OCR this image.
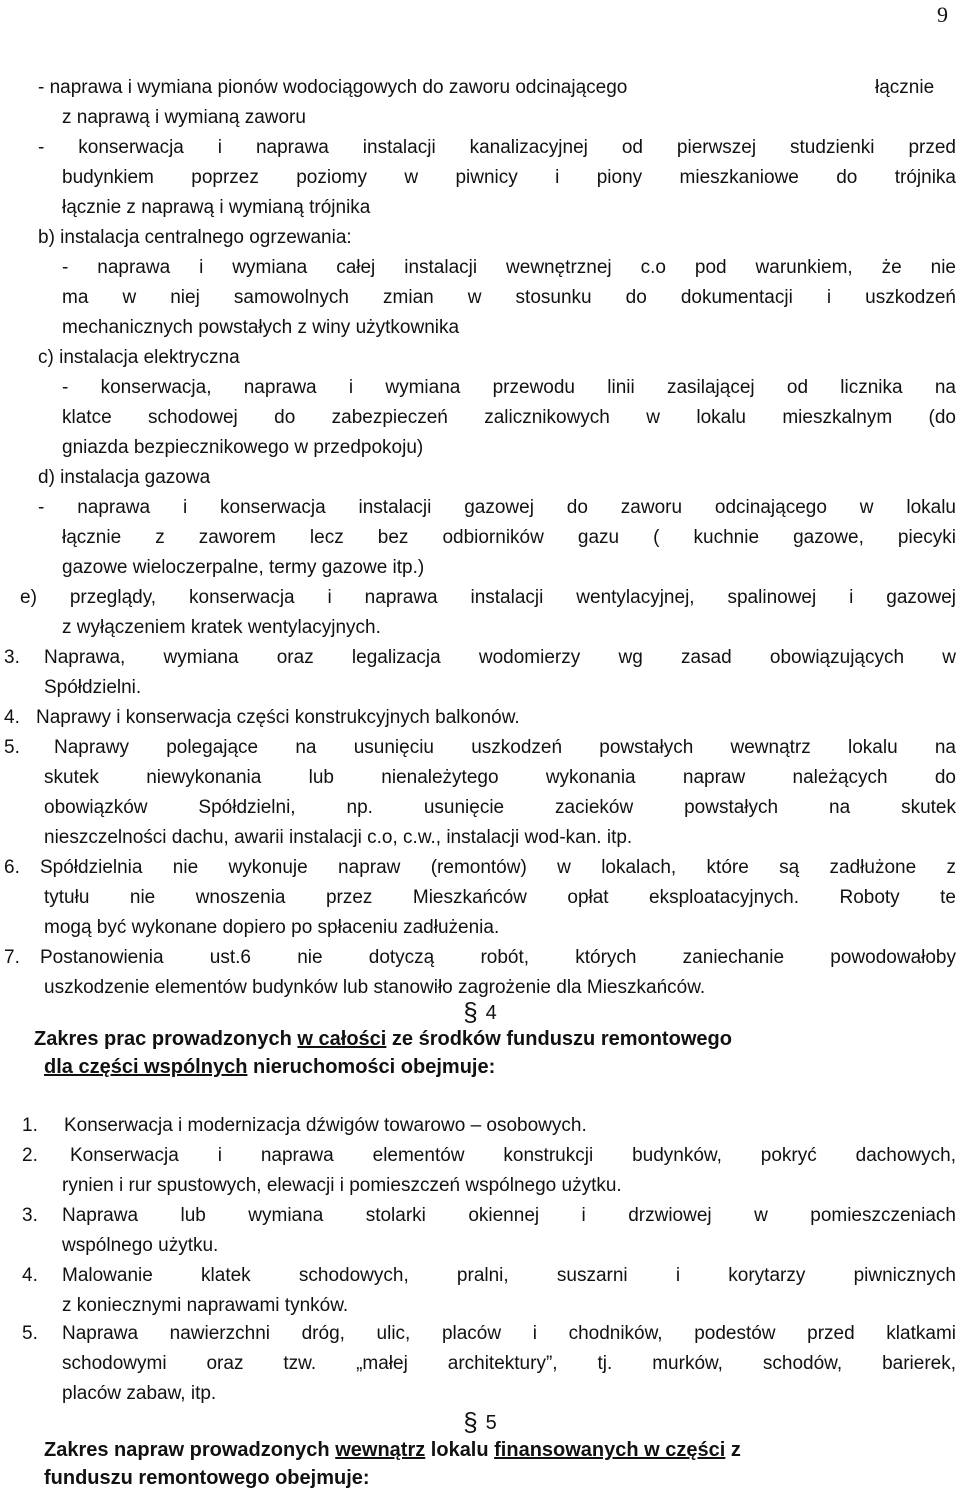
9
- naprawa i wymiana pionów wodociągowych do zaworu odcinającego	łącznie
z naprawą i wymianą zaworu
- konserwacja i naprawa instalacji kanalizacyjnej od pierwszej studzienki przed
budynkiem poprzez poziomy w piwnicy i piony mieszkaniowe do trójnika
łącznie z naprawą i wymianą trójnika
b) instalacja centralnego ogrzewania:
- naprawa i wymiana całej instalacji wewnętrznej c.o pod warunkiem, że nie
ma w niej samowolnych zmian w stosunku do dokumentacji i uszkodzeń
mechanicznych powstałych z winy użytkownika
c) instalacja elektryczna
- konserwacja, naprawa i wymiana przewodu linii zasilającej od licznika na
klatce schodowej do zabezpieczeń zalicznikowych w lokalu mieszkalnym (do
gniazda bezpiecznikowego w przedpokoju)
d) instalacja gazowa
- naprawa i konserwacja instalacji gazowej do zaworu odcinającego w lokalu
łącznie z zaworem lecz bez odbiorników gazu ( kuchnie gazowe, piecyki
gazowe wieloczerpalne, termy gazowe itp.)
e) przeglądy, konserwacja i naprawa instalacji wentylacyjnej, spalinowej i gazowej
z wyłączeniem kratek wentylacyjnych.
3. Naprawa, wymiana oraz legalizacja wodomierzy wg zasad obowiązujących w
Spółdzielni.
4. Naprawy i konserwacja części konstrukcyjnych balkonów.
5. Naprawy polegające na usunięciu uszkodzeń powstałych wewnątrz lokalu na
skutek niewykonania lub nienależytego wykonania napraw należących do
obowiązków Spółdzielni, np. usunięcie zacieków powstałych na skutek
nieszczelności dachu, awarii instalacji c.o, c.w., instalacji wod-kan. itp.
6. Spółdzielnia nie wykonuje napraw (remontów) w lokalach, które są zadłużone z
tytułu nie wnoszenia przez Mieszkańców opłat eksploatacyjnych. Roboty te
mogą być wykonane dopiero po spłaceniu zadłużenia.
7. Postanowienia ust.6 nie dotyczą robót, których zaniechanie powodowałoby
uszkodzenie elementów budynków lub stanowiło zagrożenie dla Mieszkańców.
§ 4
Zakres prac prowadzonych w całości ze środków funduszu remontowego
dla części wspólnych nieruchomości obejmuje:
1. Konserwacja i modernizacja dźwigów towarowo – osobowych.
2. Konserwacja i naprawa elementów konstrukcji budynków, pokryć dachowych,
rynien i rur spustowych, elewacji i pomieszczeń wspólnego użytku.
3. Naprawa lub wymiana stolarki okiennej i drzwiowej w pomieszczeniach
wspólnego użytku.
4. Malowanie klatek schodowych, pralni, suszarni i korytarzy piwnicznych
z koniecznymi naprawami tynków.
5. Naprawa nawierzchni dróg, ulic, placów i chodników, podestów przed klatkami
schodowymi oraz tzw. „małej architektury”, tj. murków, schodów, barierek,
placów zabaw, itp.
§ 5
Zakres napraw prowadzonych wewnątrz lokalu finansowanych w części z
funduszu remontowego obejmuje:
